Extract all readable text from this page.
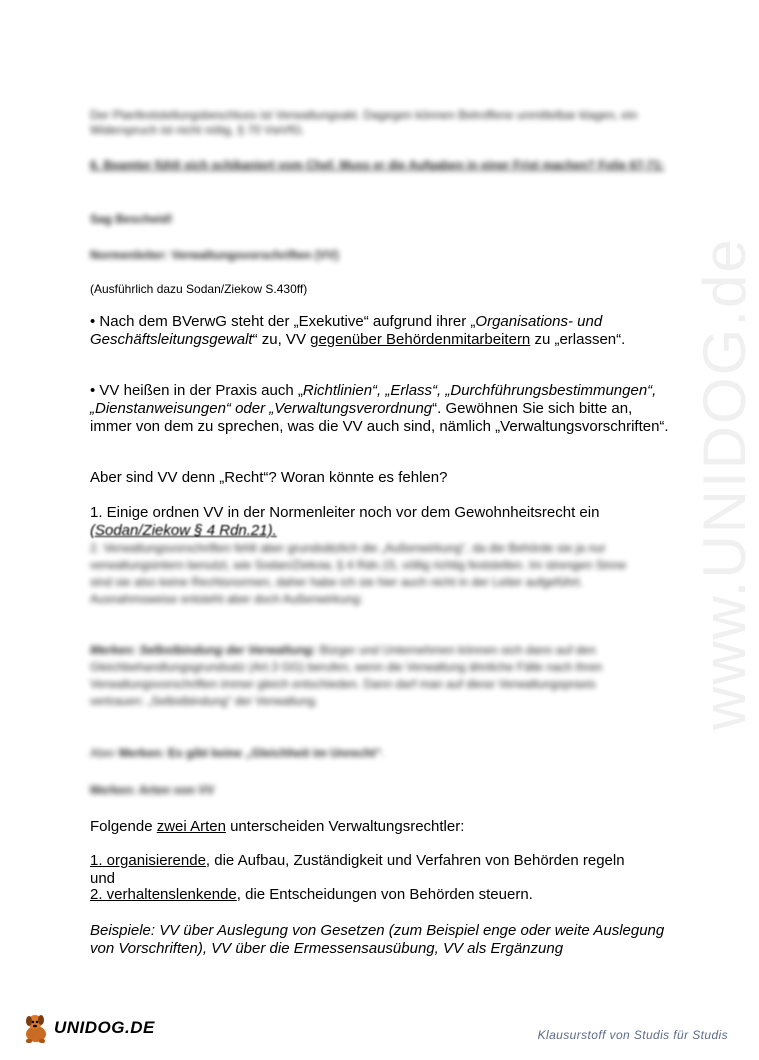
www.UNIDOG.de

Der Planfeststellungsbeschluss ist Verwaltungsakt. Dagegen können Betroffene unmittelbar klagen, ein Widerspruch ist nicht nötig, § 70 VwVfG.

6. Beamter fühlt sich schikaniert vom Chef. Muss er die Aufgaben in einer Frist machen? Folie 67-71:

Sag Bescheid!

Normenleiter: Verwaltungsvorschriften (VV)

(Ausführlich dazu Sodan/Ziekow S.430ff)

• Nach dem BVerwG steht der „Exekutive“ aufgrund ihrer „Organisations- und Geschäftsleitungsgewalt“ zu, VV gegenüber Behördenmitarbeitern zu „erlassen“.

• VV heißen in der Praxis auch „Richtlinien“, „Erlass“, „Durchführungsbestimmungen“, „Dienstanweisungen“ oder „Verwaltungsverordnung“. Gewöhnen Sie sich bitte an, immer von dem zu sprechen, was die VV auch sind, nämlich „Verwaltungsvorschriften“.

Aber sind VV denn „Recht“? Woran könnte es fehlen?

1. Einige ordnen VV in der Normenleiter noch vor dem Gewohnheitsrecht ein (Sodan/Ziekow § 4 Rdn.21).

2. Verwaltungsvorschriften fehlt aber grundsätzlich die „Außenwirkung“, da die Behörde sie ja nur verwaltungsintern benutzt, wie Sodan/Ziekow, § 4 Rdn.15, völlig richtig feststellen. Im strengen Sinne sind sie also keine Rechtsnormen, daher habe ich sie hier auch nicht in der Leiter aufgeführt. Ausnahmsweise entsteht aber doch Außenwirkung:

Merken: Selbstbindung der Verwaltung: Bürger und Unternehmen können sich dann auf den Gleichbehandlungsgrundsatz (Art.3 GG) berufen, wenn die Verwaltung ähnliche Fälle nach ihren Verwaltungsvorschriften immer gleich entschieden. Dann darf man auf diese Verwaltungspraxis vertrauen: „Selbstbindung“ der Verwaltung.

Aber Merken: Es gibt keine „Gleichheit im Unrecht“.

Merken: Arten von VV

Folgende zwei Arten unterscheiden Verwaltungsrechtler:

1. organisierende, die Aufbau, Zuständigkeit und Verfahren von Behörden regeln und

2. verhaltenslenkende, die Entscheidungen von Behörden steuern.

Beispiele: VV über Auslegung von Gesetzen (zum Beispiel enge oder weite Auslegung von Vorschriften), VV über die Ermessensausübung, VV als Ergänzung

UNIDOG.DE	Klausurstoff von Studis für Studis
